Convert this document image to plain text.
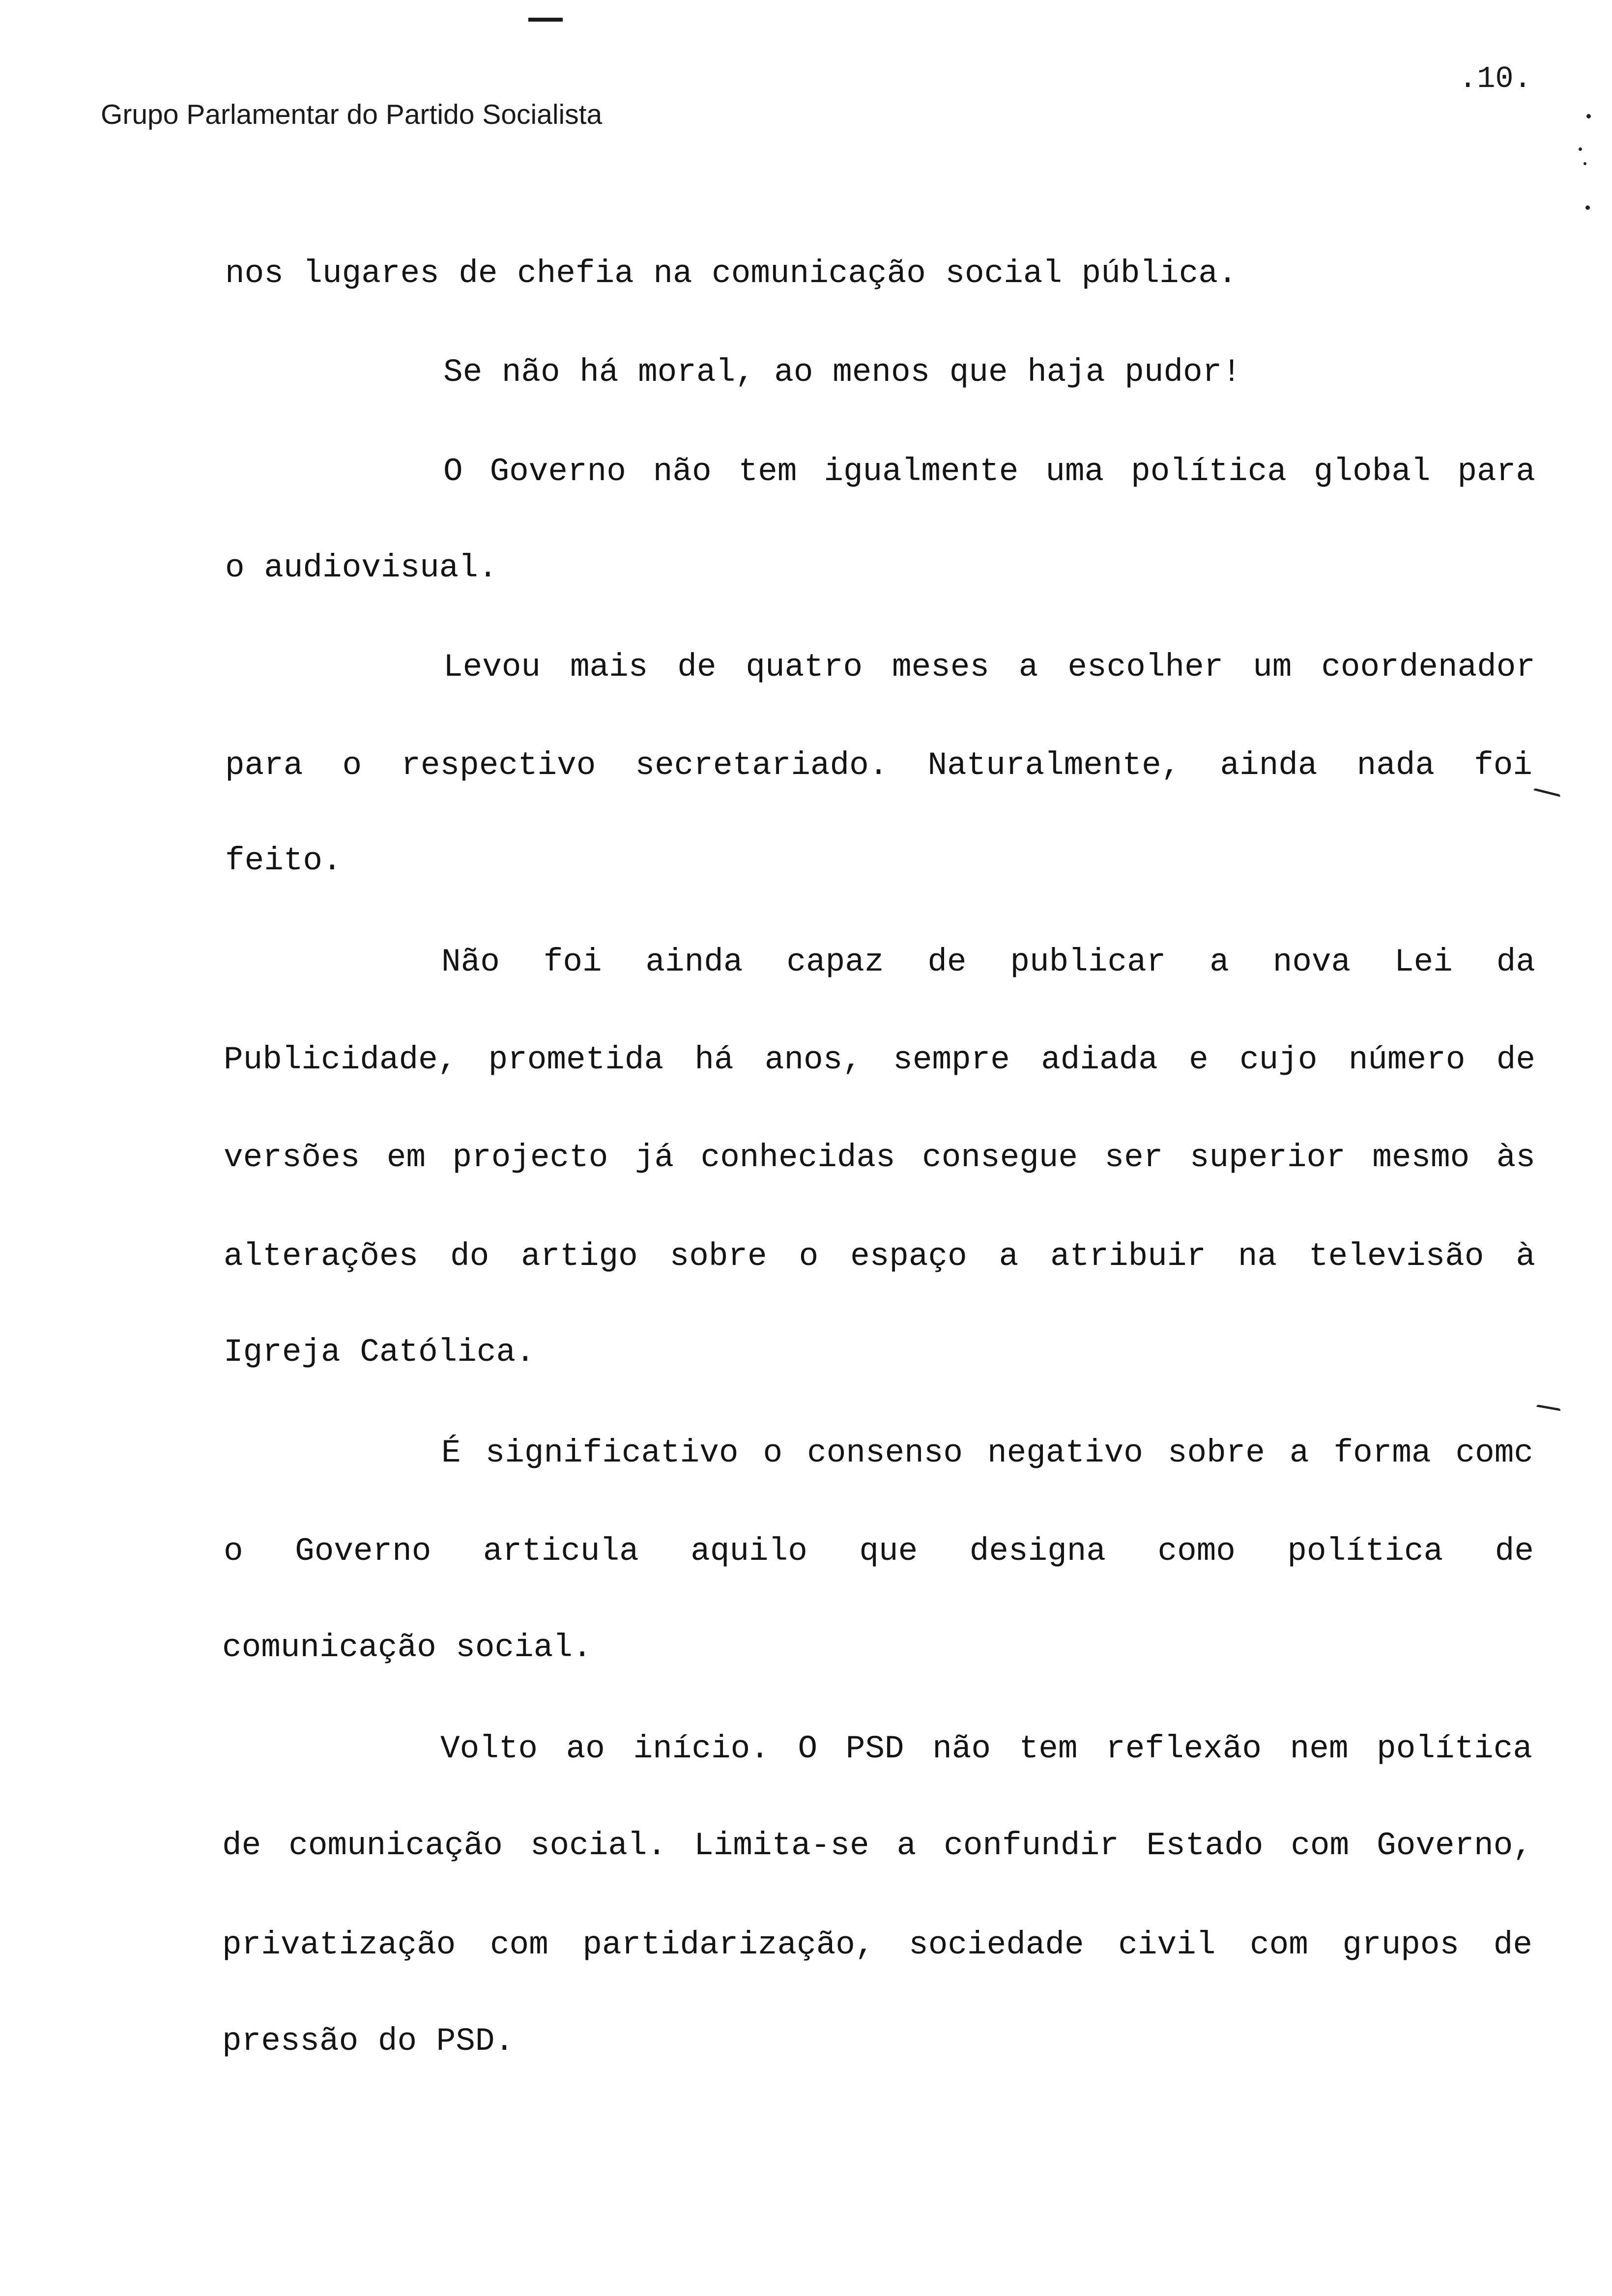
Grupo Parlamentar do Partido Socialista
.10.
nos lugares de chefia na comunicação social pública.
Se não há moral, ao menos que haja pudor!
O Governo não tem igualmente uma política global para
o audiovisual.
Levou mais de quatro meses a escolher um coordenador
para o respectivo secretariado. Naturalmente, ainda nada foi
feito.
Não foi ainda capaz de publicar a nova Lei da
Publicidade, prometida há anos, sempre adiada e cujo número de
versões em projecto já conhecidas consegue ser superior mesmo às
alterações do artigo sobre o espaço a atribuir na televisão à
Igreja Católica.
É significativo o consenso negativo sobre a forma comc
o Governo articula aquilo que designa como política de
comunicação social.
Volto ao início. O PSD não tem reflexão nem política
de comunicação social. Limita-se a confundir Estado com Governo,
privatização com partidarização, sociedade civil com grupos de
pressão do PSD.
